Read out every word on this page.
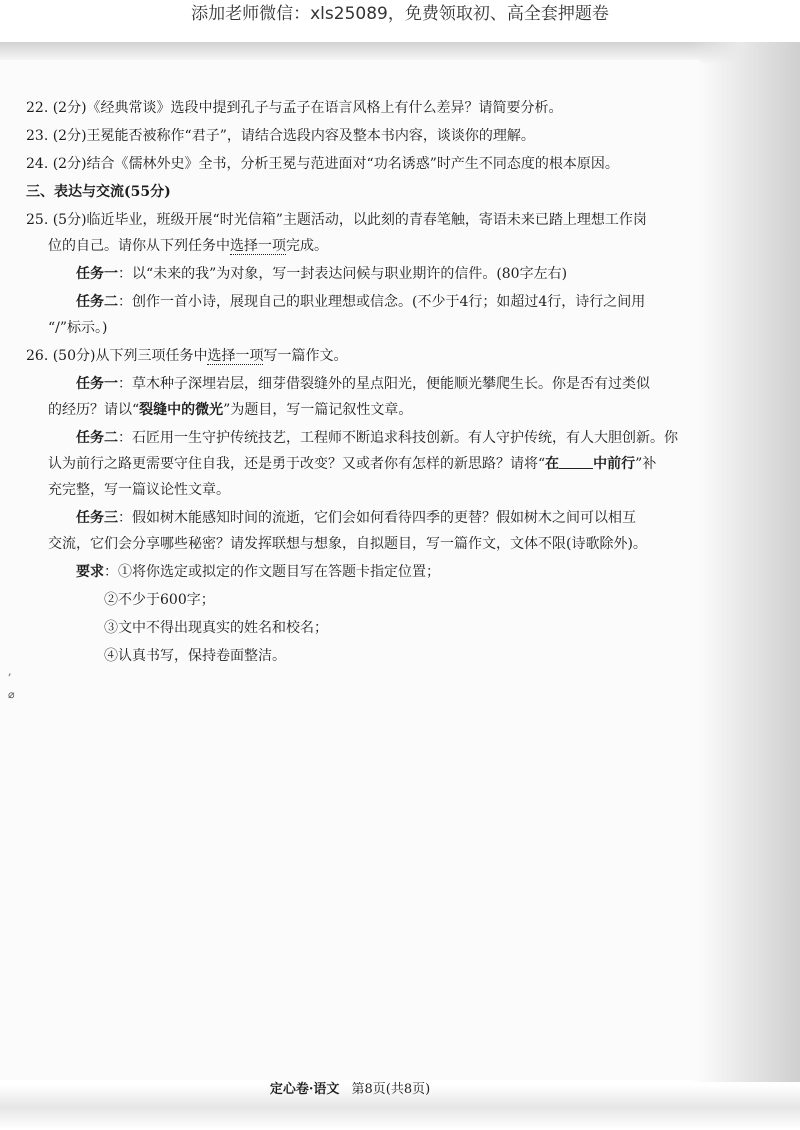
添加老师微信：xls25089，免费领取初、高全套押题卷
,
⌀
定心卷·语文 第8页(共8页)
22. (2分)《经典常谈》选段中提到孔子与孟子在语言风格上有什么差异？请简要分析。
23. (2分)王冕能否被称作“君子”，请结合选段内容及整本书内容，谈谈你的理解。
24. (2分)结合《儒林外史》全书，分析王冕与范进面对“功名诱惑”时产生不同态度的根本原因。
三、表达与交流(55分)
25. (5分)临近毕业，班级开展“时光信箱”主题活动，以此刻的青春笔触，寄语未来已踏上理想工作岗
位的自己。请你从下列任务中选择一项完成。
任务一：以“未来的我”为对象，写一封表达问候与职业期许的信件。(80字左右)
任务二：创作一首小诗，展现自己的职业理想或信念。(不少于4行；如超过4行，诗行之间用
“/”标示。)
26. (50分)从下列三项任务中选择一项写一篇作文。
任务一：草木种子深埋岩层，细芽借裂缝外的星点阳光，便能顺光攀爬生长。你是否有过类似
的经历？请以“裂缝中的微光”为题目，写一篇记叙性文章。
任务二：石匠用一生守护传统技艺，工程师不断追求科技创新。有人守护传统，有人大胆创新。你
认为前行之路更需要守住自我，还是勇于改变？又或者你有怎样的新思路？请将“在 中前行”补
充完整，写一篇议论性文章。
任务三：假如树木能感知时间的流逝，它们会如何看待四季的更替？假如树木之间可以相互
交流，它们会分享哪些秘密？请发挥联想与想象，自拟题目，写一篇作文，文体不限(诗歌除外)。
要求：①将你选定或拟定的作文题目写在答题卡指定位置；
②不少于600字；
③文中不得出现真实的姓名和校名；
④认真书写，保持卷面整洁。
